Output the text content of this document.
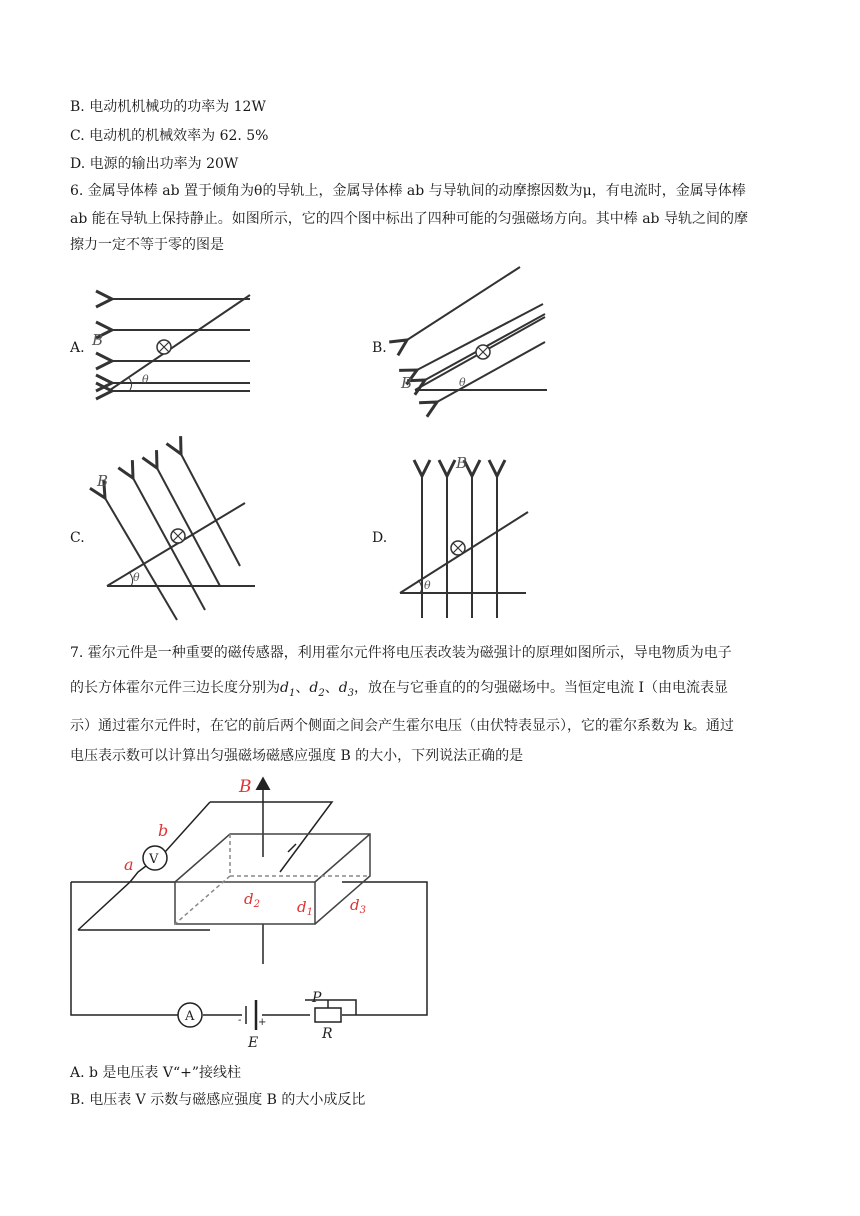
B. 电动机机械功的功率为 12W
C. 电动机的机械效率为 62. 5%
D. 电源的输出功率为 20W
6. 金属导体棒 ab 置于倾角为θ的导轨上，金属导体棒 ab 与导轨间的动摩擦因数为μ，有电流时，金属导体棒
ab 能在导轨上保持静止。如图所示，它的四个图中标出了四种可能的匀强磁场方向。其中棒 ab 导轨之间的摩
擦力一定不等于零的图是
A. B
θ
B.
B	θ
C.
B
θ
D.
B
θ
7. 霍尔元件是一种重要的磁传感器，利用霍尔元件将电压表改装为磁强计的原理如图所示，导电物质为电子
的长方体霍尔元件三边长度分别为$d_1$、$d_2$、$d_3$，放在与它垂直的的匀强磁场中。当恒定电流 I（由电流表显
示）通过霍尔元件时，在它的前后两个侧面之间会产生霍尔电压（由伏特表显示），它的霍尔系数为 k。通过
电压表示数可以计算出匀强磁场磁感应强度 B 的大小，下列说法正确的是
B
b
a V
A
$d_2$ $d_1$ $d_3$
P
R
E
- +
A. b 是电压表 V“+”接线柱
B. 电压表 V 示数与磁感应强度 B 的大小成反比
